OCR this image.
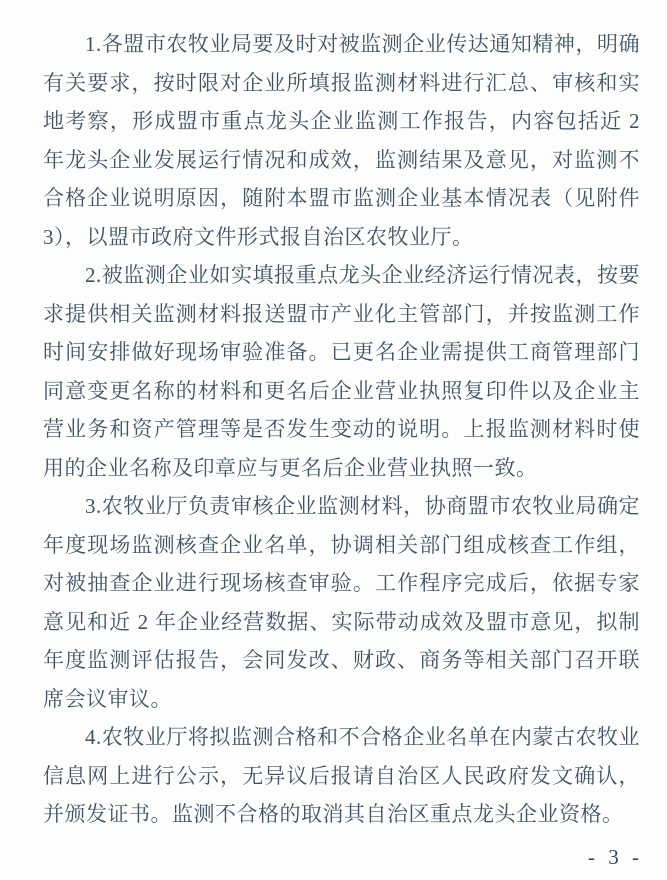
1.各盟市农牧业局要及时对被监测企业传达通知精神，明确有关要求，按时限对企业所填报监测材料进行汇总、审核和实地考察，形成盟市重点龙头企业监测工作报告，内容包括近 2 年龙头企业发展运行情况和成效，监测结果及意见，对监测不合格企业说明原因，随附本盟市监测企业基本情况表（见附件 3），以盟市政府文件形式报自治区农牧业厅。

2.被监测企业如实填报重点龙头企业经济运行情况表，按要求提供相关监测材料报送盟市产业化主管部门，并按监测工作时间安排做好现场审验准备。已更名企业需提供工商管理部门同意变更名称的材料和更名后企业营业执照复印件以及企业主营业务和资产管理等是否发生变动的说明。上报监测材料时使用的企业名称及印章应与更名后企业营业执照一致。

3.农牧业厅负责审核企业监测材料，协商盟市农牧业局确定年度现场监测核查企业名单，协调相关部门组成核查工作组，对被抽查企业进行现场核查审验。工作程序完成后，依据专家意见和近 2 年企业经营数据、实际带动成效及盟市意见，拟制年度监测评估报告，会同发改、财政、商务等相关部门召开联席会议审议。

4.农牧业厅将拟监测合格和不合格企业名单在内蒙古农牧业信息网上进行公示，无异议后报请自治区人民政府发文确认，并颁发证书。监测不合格的取消其自治区重点龙头企业资格。

- 3 -
